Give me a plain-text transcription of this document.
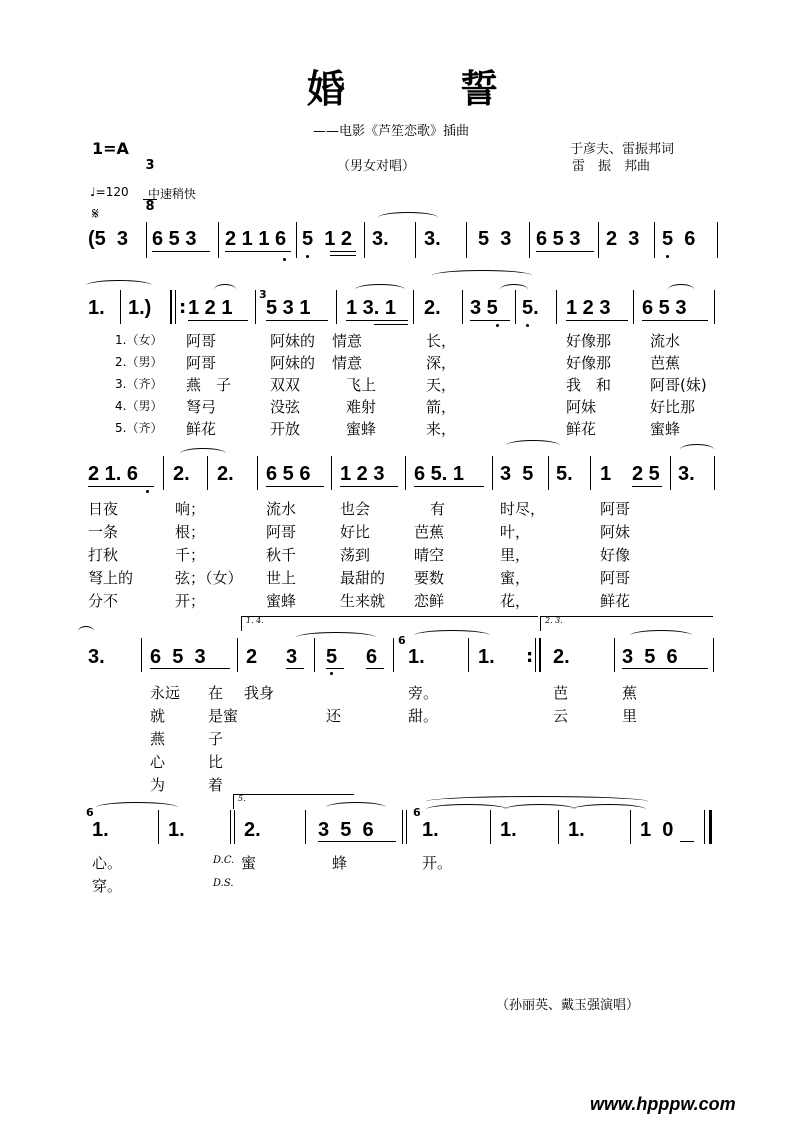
婚	誓
——电影《芦笙恋歌》插曲
（男女对唱）
1=A

3

8

于彦夫、雷振邦词
雷　振　邦曲
♩=120 中速稍快
𝄋
(5  3 6 5 3 2 1 1 6 5  1 2 3. 3. 5  3 6 5 3 2  3 5  6
1. 1.) : 1 2 1
3
5 3 1 1 3. 1 2. 3 5 5. 1 2 3 6 5 3
1.（女） 阿哥	阿妹的 情意	长，	好像那	流水
2.（男） 阿哥	阿妹的 情意	深，	好像那	芭蕉
3.（齐） 燕　子	双双	飞上	天，	我　和	阿哥(妹)
4.（男） 弩弓	没弦	难射	箭，	阿妹	好比那
5.（齐） 鲜花	开放	蜜蜂	来，	鲜花	蜜蜂
2 1. 6 2. 2. 6 5 6 1 2 3 6 5. 1 3  5 5. 1 2 5 3.
日夜	响；	流水	也会	有	时尽，	阿哥
一条	根；	阿哥	好比	芭蕉	叶，	阿妹
打秋	千；	秋千	荡到	晴空	里，	好像
弩上的	弦；（女） 世上	最甜的 要数	蜜，	阿哥
分不	开；	蜜蜂	生来就 恋鲜	花，	鲜花
1. 4.	2. 3.
3. 6  5  3 2 3 5 6
6
1.	1. : 2.	3  5  6
永远 在 我身	旁。	芭	蕉
就	是蜜	还	甜。	云	里
燕	子
心	比
为	着
5.
6	6
1.	1.	2.	3  5  6 1.	1.	1.	1  0
心。	D.C. 蜜	蜂	开。
穿。	D.S.
（孙丽英、戴玉强演唱）
www.hpppw.com
